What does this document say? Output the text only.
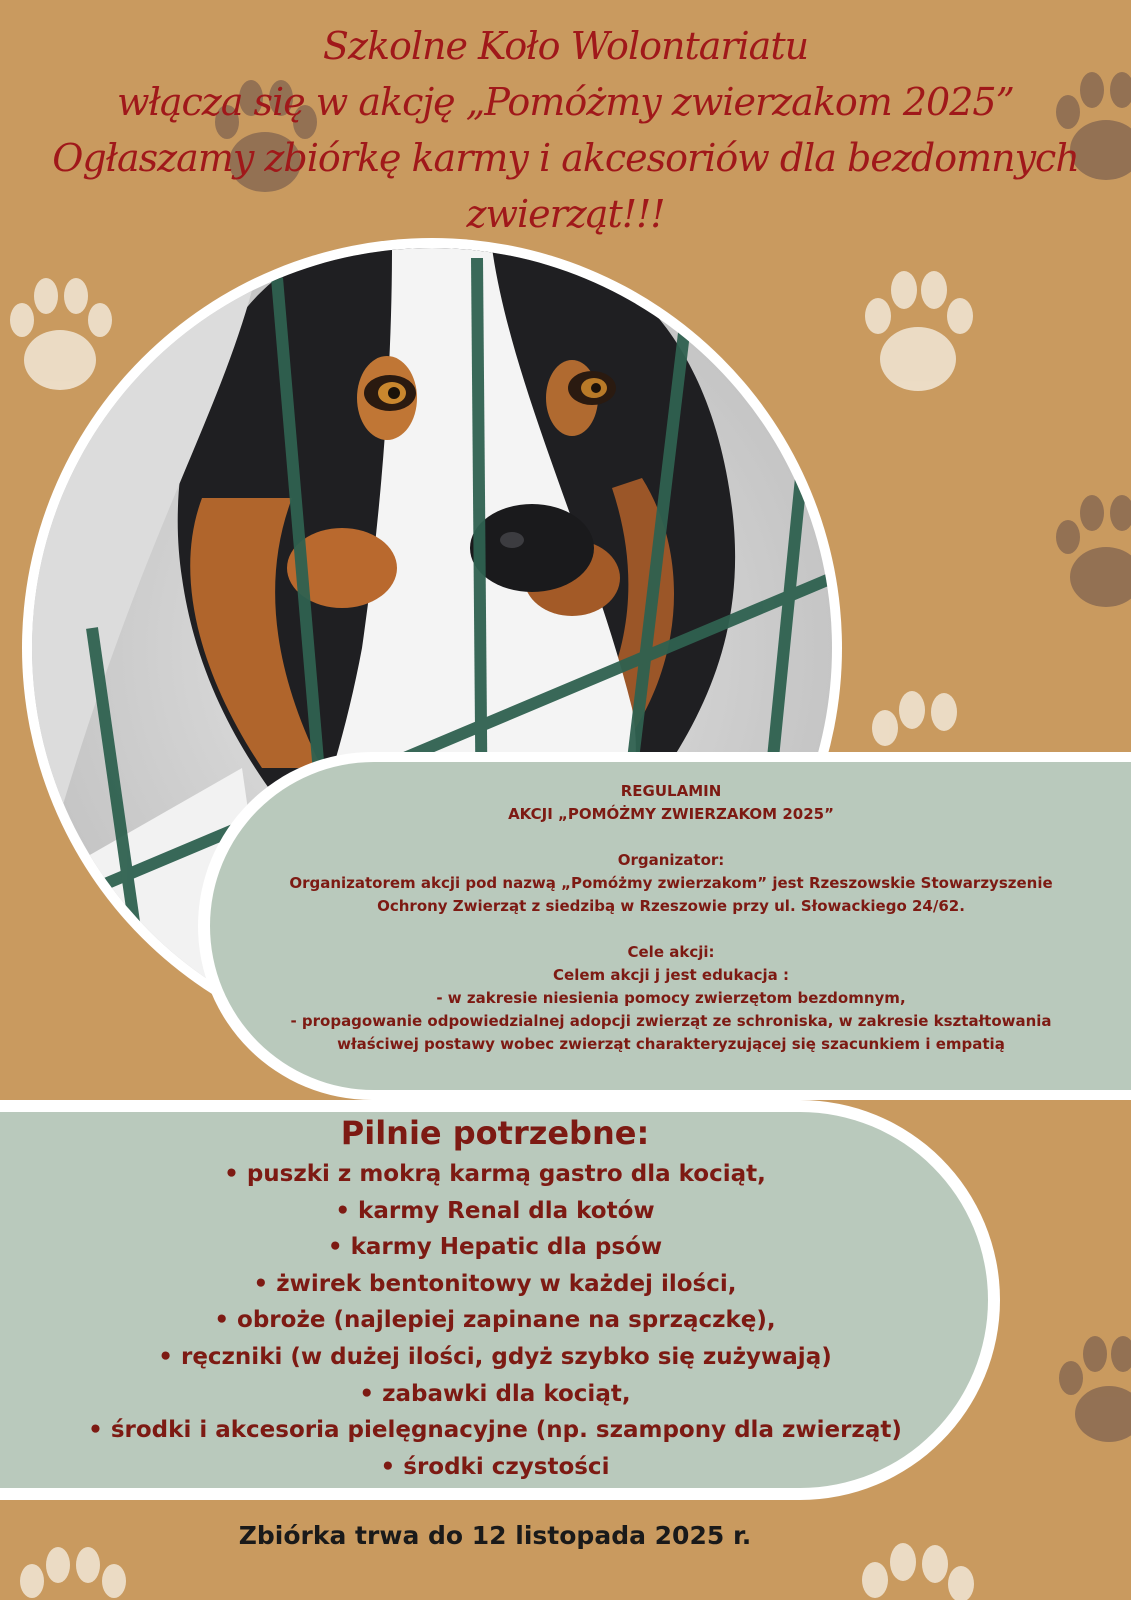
Szkolne Koło Wolontariatu
włącza się w akcję „Pomóżmy zwierzakom 2025”
Ogłaszamy zbiórkę karmy i akcesoriów dla bezdomnych
zwierząt!!!
REGULAMIN
AKCJI „POMÓŻMY ZWIERZAKOM 2025”
Organizator:
Organizatorem akcji pod nazwą „Pomóżmy zwierzakom” jest Rzeszowskie Stowarzyszenie
Ochrony Zwierząt z siedzibą w Rzeszowie przy ul. Słowackiego 24/62.
Cele akcji:
Celem akcji j jest edukacja :
- w zakresie niesienia pomocy zwierzętom bezdomnym,
- propagowanie odpowiedzialnej adopcji zwierząt ze schroniska, w zakresie kształtowania
właściwej postawy wobec zwierząt charakteryzującej się szacunkiem i empatią
Pilnie potrzebne:
• puszki z mokrą karmą gastro dla kociąt,
• karmy Renal dla kotów
• karmy Hepatic dla psów
• żwirek bentonitowy w każdej ilości,
• obroże (najlepiej zapinane na sprzączkę),
• ręczniki (w dużej ilości, gdyż szybko się zużywają)
• zabawki dla kociąt,
• środki i akcesoria pielęgnacyjne (np. szampony dla zwierząt)
• środki czystości
Zbiórka trwa do 12 listopada 2025 r.
